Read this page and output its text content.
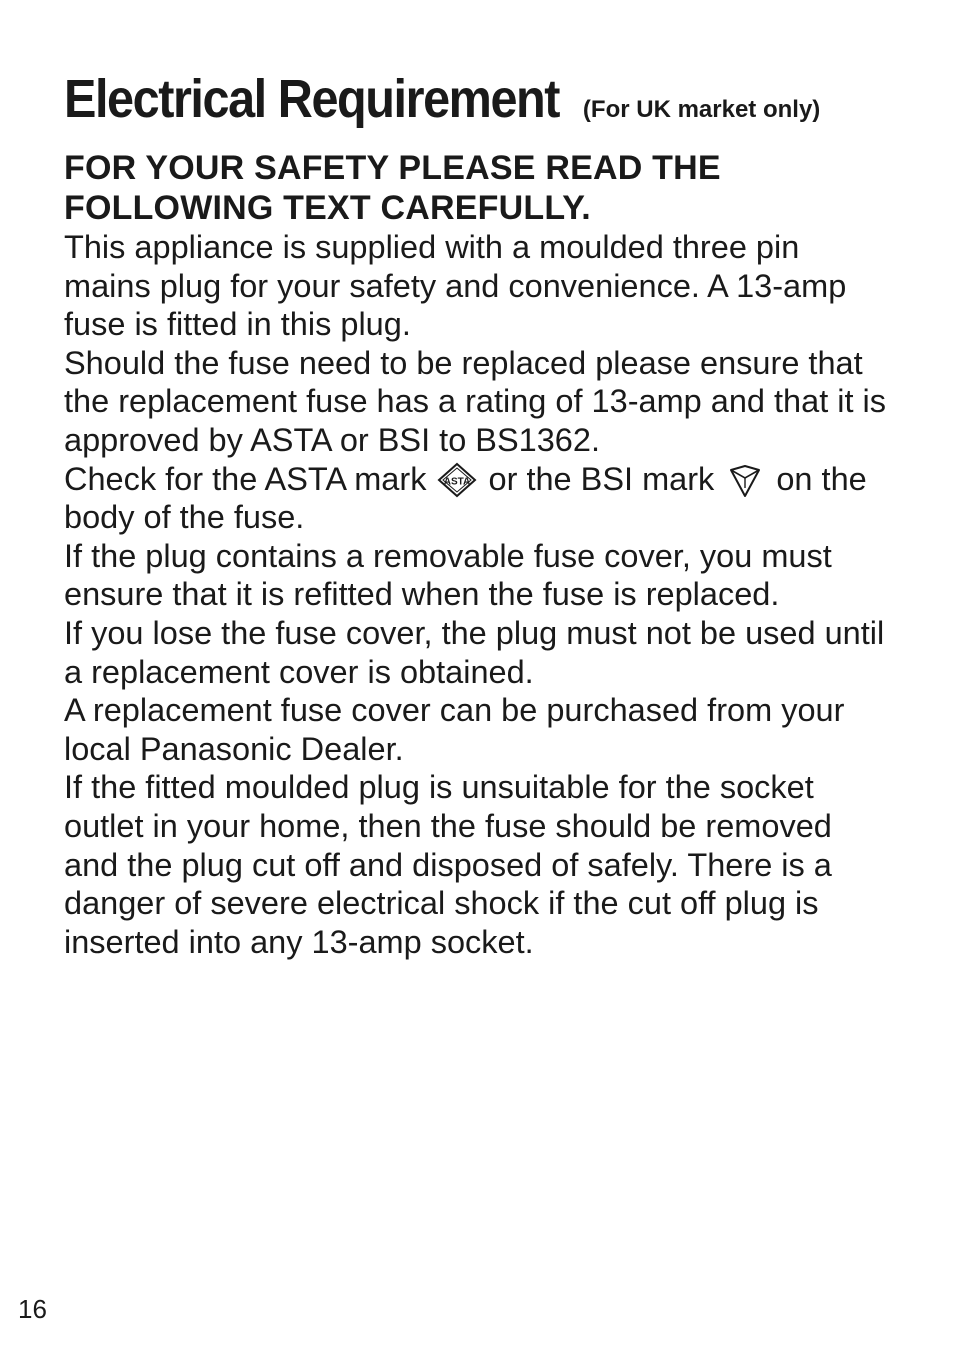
Electrical Requirement (For UK market only)
FOR YOUR SAFETY PLEASE READ THE
FOLLOWING TEXT CAREFULLY.

This appliance is supplied with a moulded three pin mains plug for your safety and convenience. A 13-amp fuse is fitted in this plug.

Should the fuse need to be replaced please ensure that the replacement fuse has a rating of 13-amp and that it is approved by ASTA or BSI to BS1362.

Check for the ASTA mark ASTA or the BSI mark on the body of the fuse.

If the plug contains a removable fuse cover, you must ensure that it is refitted when the fuse is replaced.

If you lose the fuse cover, the plug must not be used until a replacement cover is obtained.

A replacement fuse cover can be purchased from your local Panasonic Dealer.

If the fitted moulded plug is unsuitable for the socket outlet in your home, then the fuse should be removed and the plug cut off and disposed of safely. There is a danger of severe electrical shock if the cut off plug is inserted into any 13-amp socket.

16
